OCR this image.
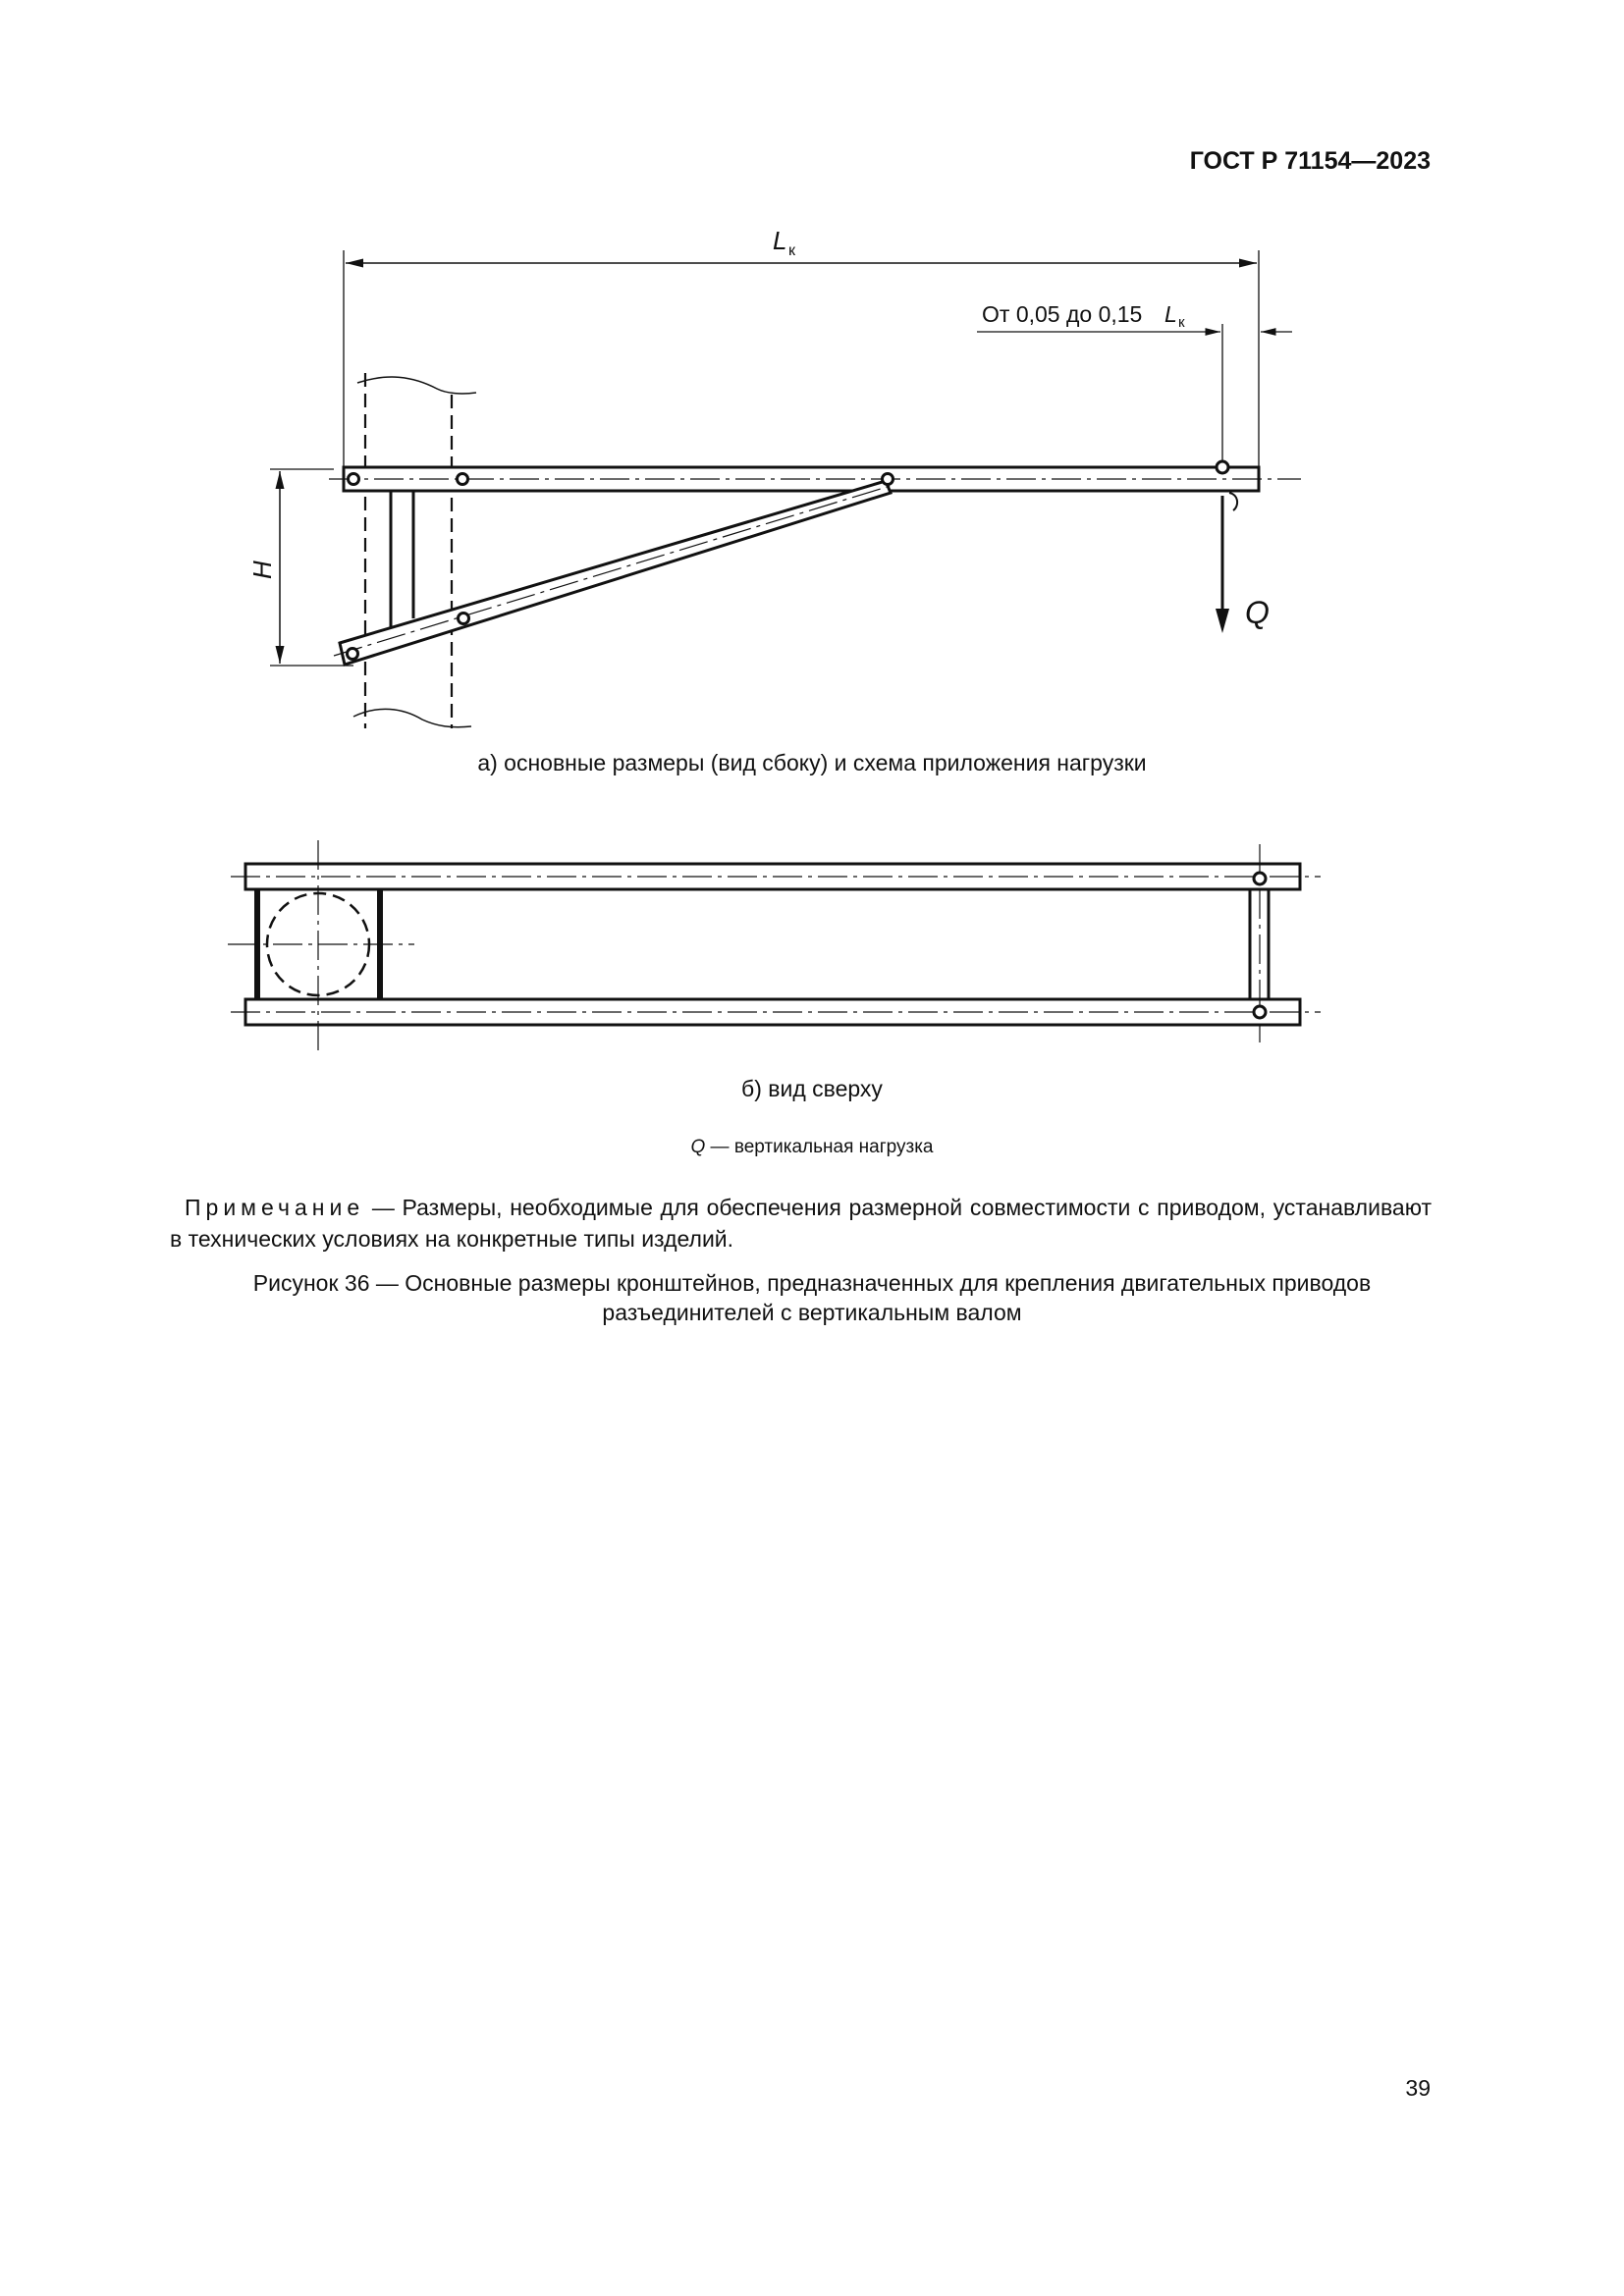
ГОСТ Р 71154—2023
L к
От 0,05 до 0,15 L к
H
Q
а) основные размеры (вид сбоку) и схема приложения нагрузки
б) вид сверху
Q — вертикальная нагрузка
Примечание — Размеры, необходимые для обеспечения размерной совместимости с приводом, устанавливают в технических условиях на конкретные типы изделий.
Рисунок 36 — Основные размеры кронштейнов, предназначенных для крепления двигательных приводов
разъединителей с вертикальным валом
39
